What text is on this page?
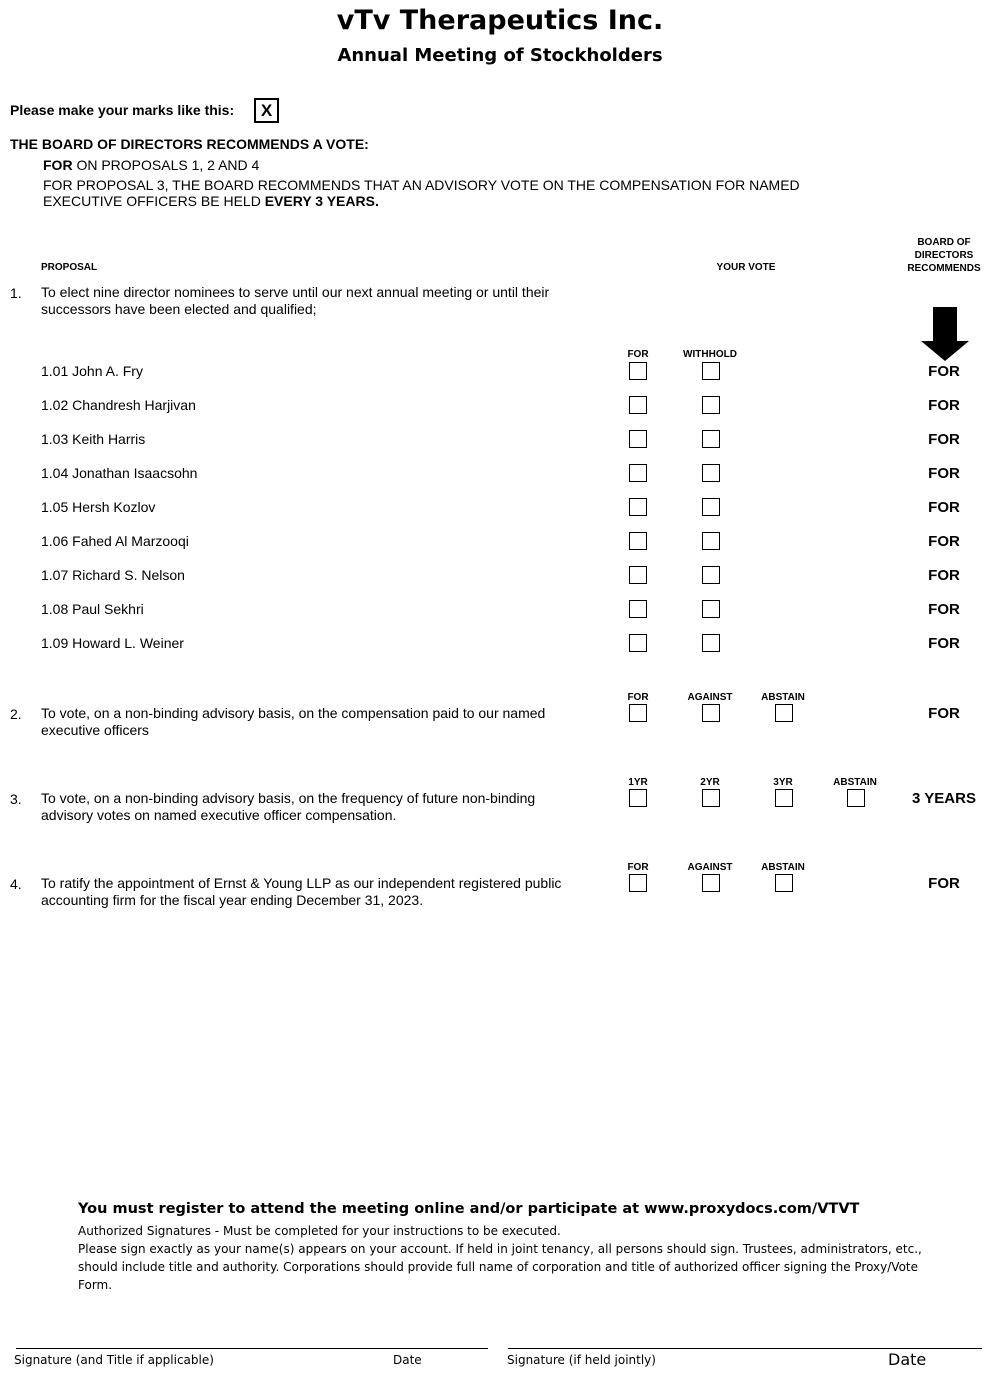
vTv Therapeutics Inc.
Annual Meeting of Stockholders
Please make your marks like this:	X
THE BOARD OF DIRECTORS RECOMMENDS A VOTE:
FOR ON PROPOSALS 1, 2 AND 4
FOR PROPOSAL 3, THE BOARD RECOMMENDS THAT AN ADVISORY VOTE ON THE COMPENSATION FOR NAMED
EXECUTIVE OFFICERS BE HELD EVERY 3 YEARS.
PROPOSAL	YOUR VOTE
BOARD OF DIRECTORS RECOMMENDS
1. To elect nine director nominees to serve until our next annual meeting or until their successors have been elected and qualified;
FOR	WITHHOLD
1.01 John A. Fry	FOR
1.02 Chandresh Harjivan	FOR
1.03 Keith Harris	FOR
1.04 Jonathan Isaacsohn	FOR
1.05 Hersh Kozlov	FOR
1.06 Fahed Al Marzooqi	FOR
1.07 Richard S. Nelson	FOR
1.08 Paul Sekhri	FOR
1.09 Howard L. Weiner	FOR
FOR	AGAINST	ABSTAIN
2. To vote, on a non-binding advisory basis, on the compensation paid to our named executive officers
FOR
1YR	2YR	3YR	ABSTAIN
3. To vote, on a non-binding advisory basis, on the frequency of future non-binding advisory votes on named executive officer compensation.
3 YEARS
FOR	AGAINST	ABSTAIN
4. To ratify the appointment of Ernst & Young LLP as our independent registered public accounting firm for the fiscal year ending December 31, 2023.
FOR
You must register to attend the meeting online and/or participate at www.proxydocs.com/VTVT
Authorized Signatures - Must be completed for your instructions to be executed.
Please sign exactly as your name(s) appears on your account. If held in joint tenancy, all persons should sign. Trustees, administrators, etc., should include title and authority. Corporations should provide full name of corporation and title of authorized officer signing the Proxy/Vote Form.
Signature (and Title if applicable)	Date	Signature (if held jointly)	Date
